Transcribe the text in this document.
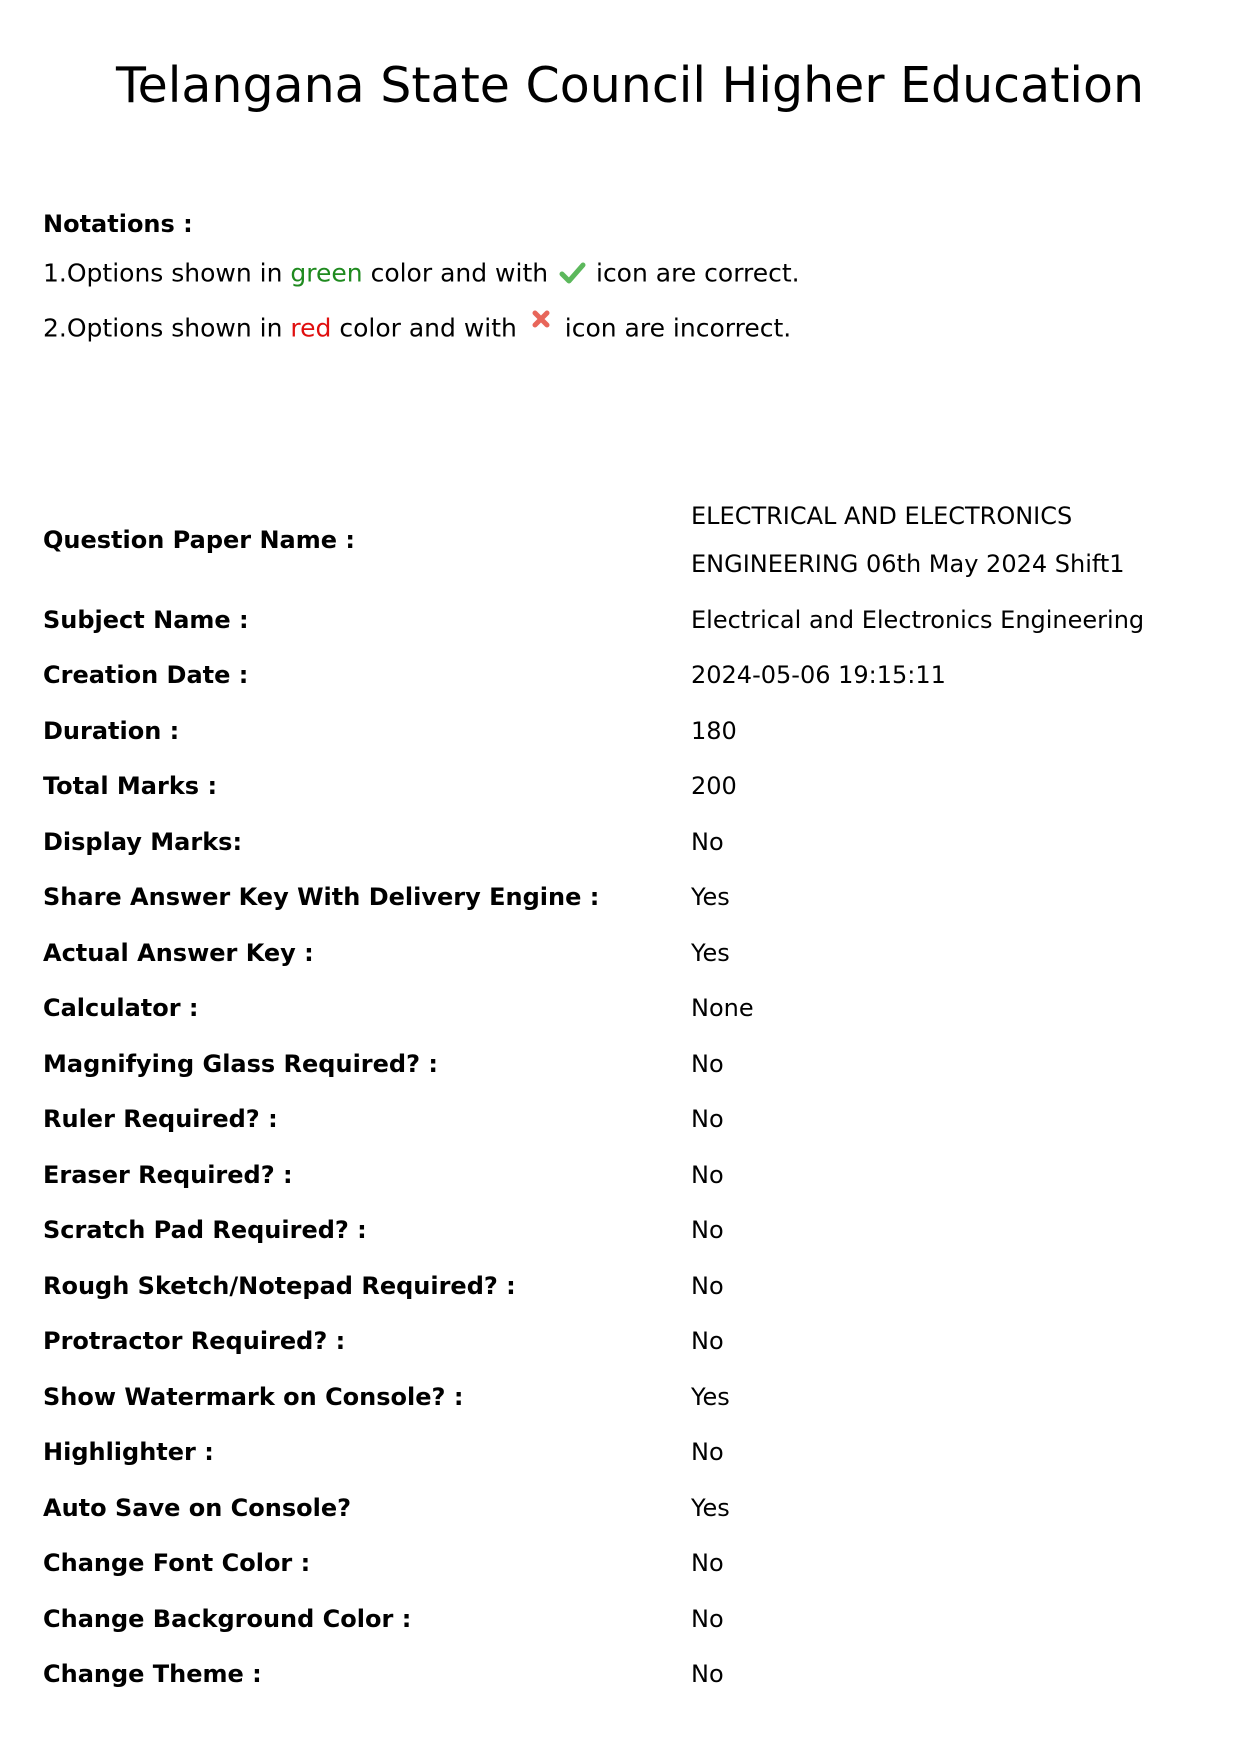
Telangana State Council Higher Education
Notations :
1.Options shown in green color and with  icon are correct.
2.Options shown in red color and with  icon are incorrect.
Question Paper Name :
ELECTRICAL AND ELECTRONICS ENGINEERING 06th May 2024 Shift1
Subject Name :	Electrical and Electronics Engineering
Creation Date :	2024-05-06 19:15:11
Duration :	180
Total Marks :	200
Display Marks:	No
Share Answer Key With Delivery Engine :	Yes
Actual Answer Key :	Yes
Calculator :	None
Magnifying Glass Required? :	No
Ruler Required? :	No
Eraser Required? :	No
Scratch Pad Required? :	No
Rough Sketch/Notepad Required? :	No
Protractor Required? :	No
Show Watermark on Console? :	Yes
Highlighter :	No
Auto Save on Console?	Yes
Change Font Color :	No
Change Background Color :	No
Change Theme :	No
